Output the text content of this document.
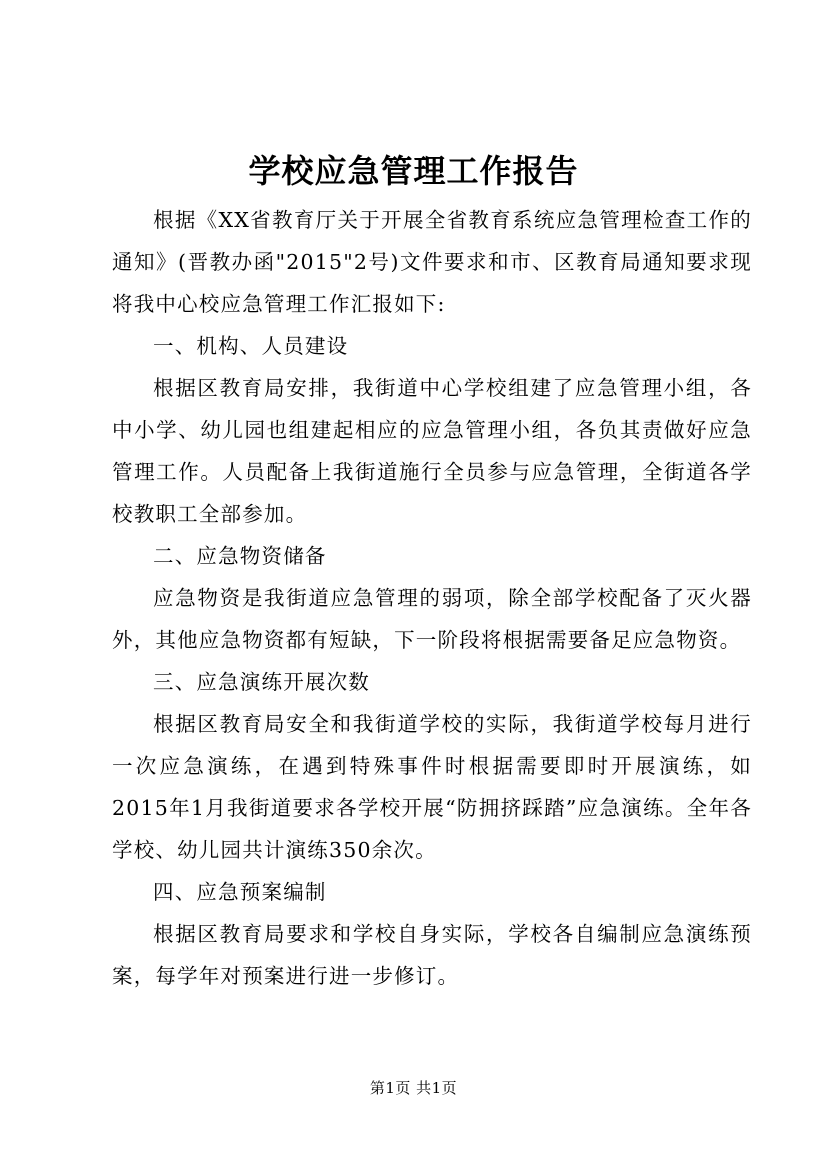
学校应急管理工作报告

根据《XX省教育厅关于开展全省教育系统应急管理检查工作的通知》(晋教办函"2015"2号)文件要求和市、区教育局通知要求现将我中心校应急管理工作汇报如下:

一、机构、人员建设

根据区教育局安排，我街道中心学校组建了应急管理小组，各中小学、幼儿园也组建起相应的应急管理小组，各负其责做好应急管理工作。人员配备上我街道施行全员参与应急管理，全街道各学校教职工全部参加。

二、应急物资储备

应急物资是我街道应急管理的弱项，除全部学校配备了灭火器外，其他应急物资都有短缺，下一阶段将根据需要备足应急物资。

三、应急演练开展次数

根据区教育局安全和我街道学校的实际，我街道学校每月进行一次应急演练，在遇到特殊事件时根据需要即时开展演练，如2015年1月我街道要求各学校开展“防拥挤踩踏”应急演练。全年各学校、幼儿园共计演练350余次。

四、应急预案编制

根据区教育局要求和学校自身实际，学校各自编制应急演练预案，每学年对预案进行进一步修订。

第1页 共1页
